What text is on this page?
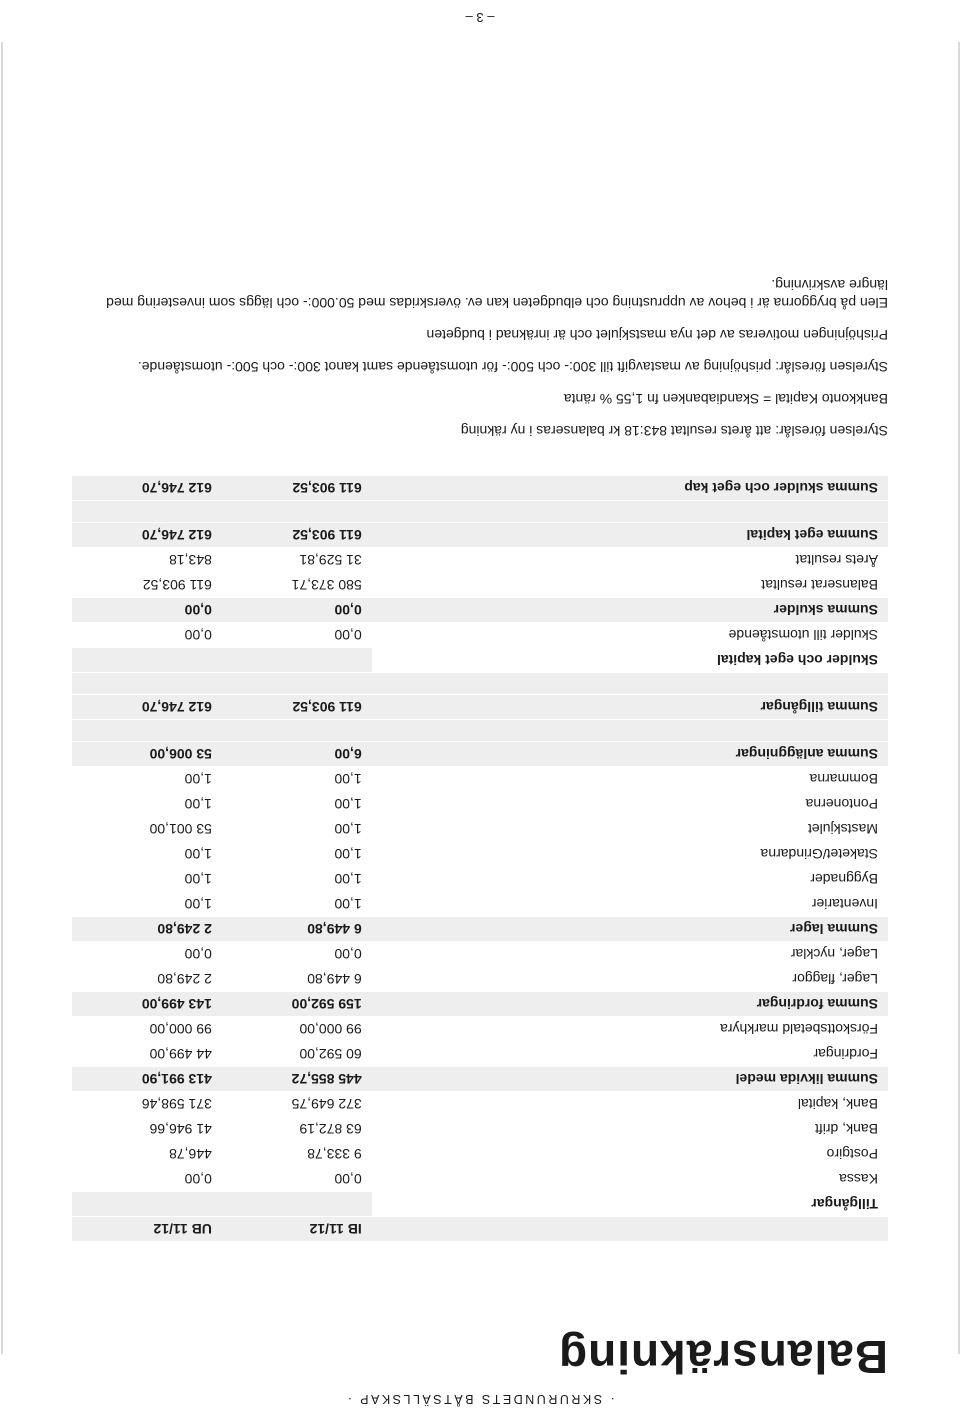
· SKRURUNDETS BÅTSÄLLSKAP ·
Balansräkning
	IB 11/12	UB 11/12
Tillgångar		
Kassa	0,00	0,00
Postgiro	9 333,78	446,78
Bank, drift	63 872,19	41 946,66
Bank, kapital	372 649,75	371 598,46
Summa likvida medel	445 855,72	413 991,90
Fordringar	60 592,00	44 499,00
Förskottsbetald markhyra	99 000,00	99 000,00
Summa fordringar	159 592,00	143 499,00
Lager, flaggor	6 449,80	2 249,80
Lager, nycklar	0,00	0,00
Summa lager	6 449,80	2 249,80
Inventarier	1,00	1,00
Byggnader	1,00	1,00
Staketet/Grindarna	1,00	1,00
Mastskjulet	1,00	53 001,00
Pontonerna	1,00	1,00
Bommarna	1,00	1,00
Summa anläggningar	6,00	53 006,00

Summa tillgångar	611 903,52	612 746,70

Skulder och eget kapital		
Skulder till utomstående	0,00	0,00
Summa skulder	0,00	0,00
Balanserat resultat	580 373,71	611 903,52
Årets resultat	31 529,81	843,18
Summa eget kapital	611 903,52	612 746,70

Summa skulder och eget kap	611 903,52	612 746,70

Styrelsen föreslår: att årets resultat 843:18 kr balanseras i ny räkning

Bankkonto Kapital = Skandiabanken fn 1,55 % ränta

Styrelsen föreslår: prishöjning av mastavgift till 300:- och 500:- för utomstående samt kanot 300:- och 500:- utomstående.

Prishöjningen motiveras av det nya mastskjulet och är inräknad i budgeten

Elen på bryggorna är i behov av upprustning och elbudgeten kan ev. överskridas med 50.000:- och läggs som investering med längre avskrivning.

– 3 –
